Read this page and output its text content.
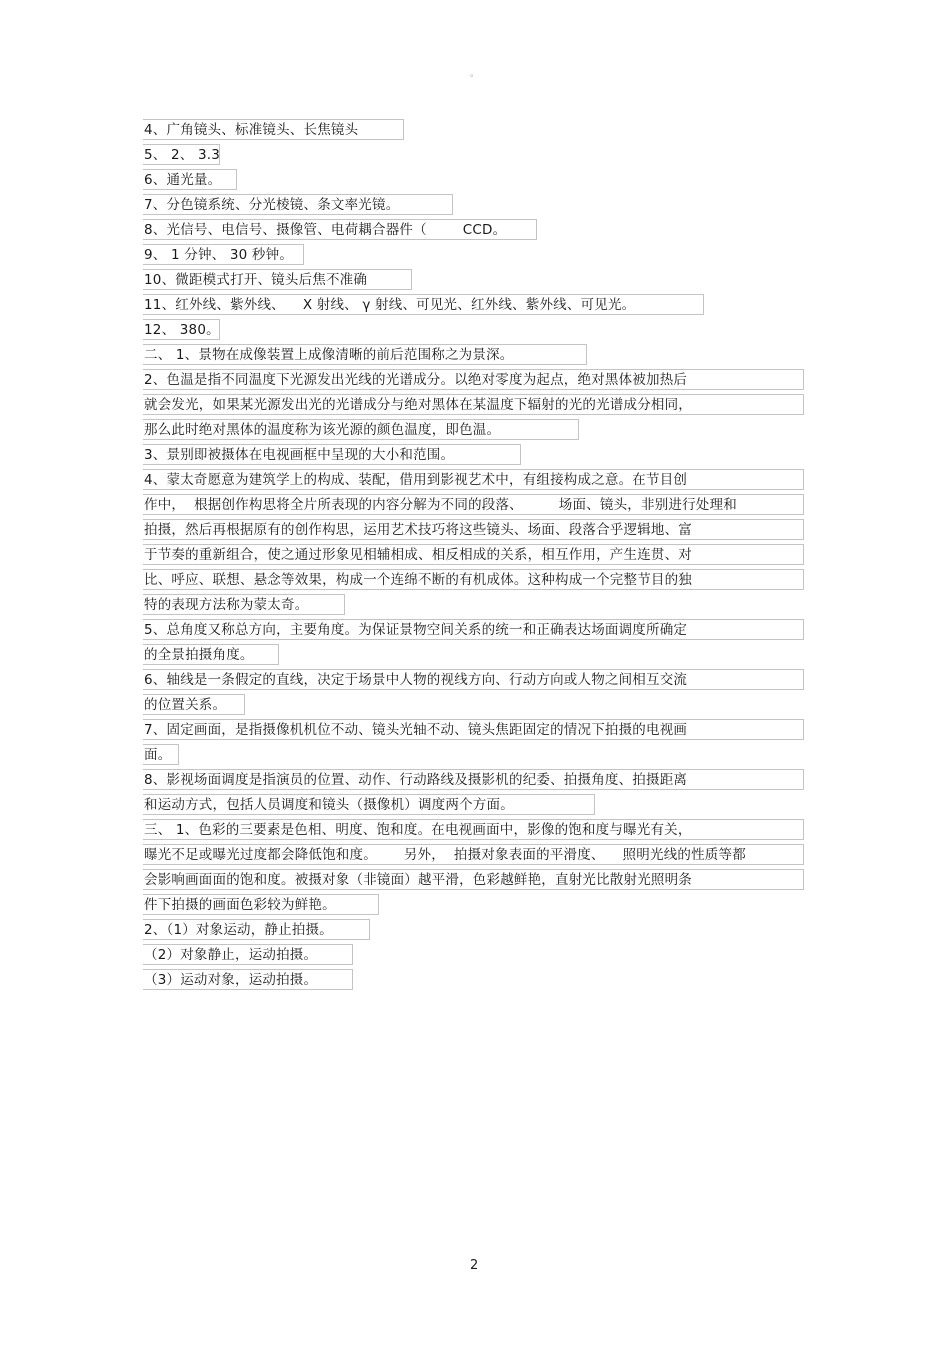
。
4、广角镜头、标准镜头、长焦镜头
5、 2、 3.3
6、通光量。
7、分色镜系统、分光棱镜、条文率光镜。
8、光信号、电信号、摄像管、电荷耦合器件（        CCD。
9、 1 分钟、 30 秒钟。
10、微距模式打开、镜头后焦不准确
11、红外线、紫外线、    X 射线、 γ 射线、可见光、红外线、紫外线、可见光。
12、 380。
二、 1、景物在成像装置上成像清晰的前后范围称之为景深。
2、色温是指不同温度下光源发出光线的光谱成分。以绝对零度为起点，绝对黑体被加热后
就会发光，如果某光源发出光的光谱成分与绝对黑体在某温度下辐射的光的光谱成分相同，
那么此时绝对黑体的温度称为该光源的颜色温度，即色温。
3、景别即被摄体在电视画框中呈现的大小和范围。
4、蒙太奇愿意为建筑学上的构成、装配，借用到影视艺术中，有组接构成之意。在节目创
作中，  根据创作构思将全片所表现的内容分解为不同的段落、        场面、镜头，非别进行处理和
拍摄，然后再根据原有的创作构思，运用艺术技巧将这些镜头、场面、段落合乎逻辑地、富
于节奏的重新组合，使之通过形象见相辅相成、相反相成的关系，相互作用，产生连贯、对
比、呼应、联想、悬念等效果，构成一个连绵不断的有机成体。这种构成一个完整节目的独
特的表现方法称为蒙太奇。
5、总角度又称总方向，主要角度。为保证景物空间关系的统一和正确表达场面调度所确定
的全景拍摄角度。
6、轴线是一条假定的直线，决定于场景中人物的视线方向、行动方向或人物之间相互交流
的位置关系。
7、固定画面，是指摄像机机位不动、镜头光轴不动、镜头焦距固定的情况下拍摄的电视画
面。
8、影视场面调度是指演员的位置、动作、行动路线及摄影机的纪委、拍摄角度、拍摄距离
和运动方式，包括人员调度和镜头（摄像机）调度两个方面。
三、 1、色彩的三要素是色相、明度、饱和度。在电视画面中，影像的饱和度与曝光有关，
曝光不足或曝光过度都会降低饱和度。      另外，  拍摄对象表面的平滑度、    照明光线的性质等都
会影响画面面的饱和度。被摄对象（非镜面）越平滑，色彩越鲜艳，直射光比散射光照明条
件下拍摄的画面色彩较为鲜艳。
2、（1）对象运动，静止拍摄。
（2）对象静止，运动拍摄。
（3）运动对象，运动拍摄。
2
